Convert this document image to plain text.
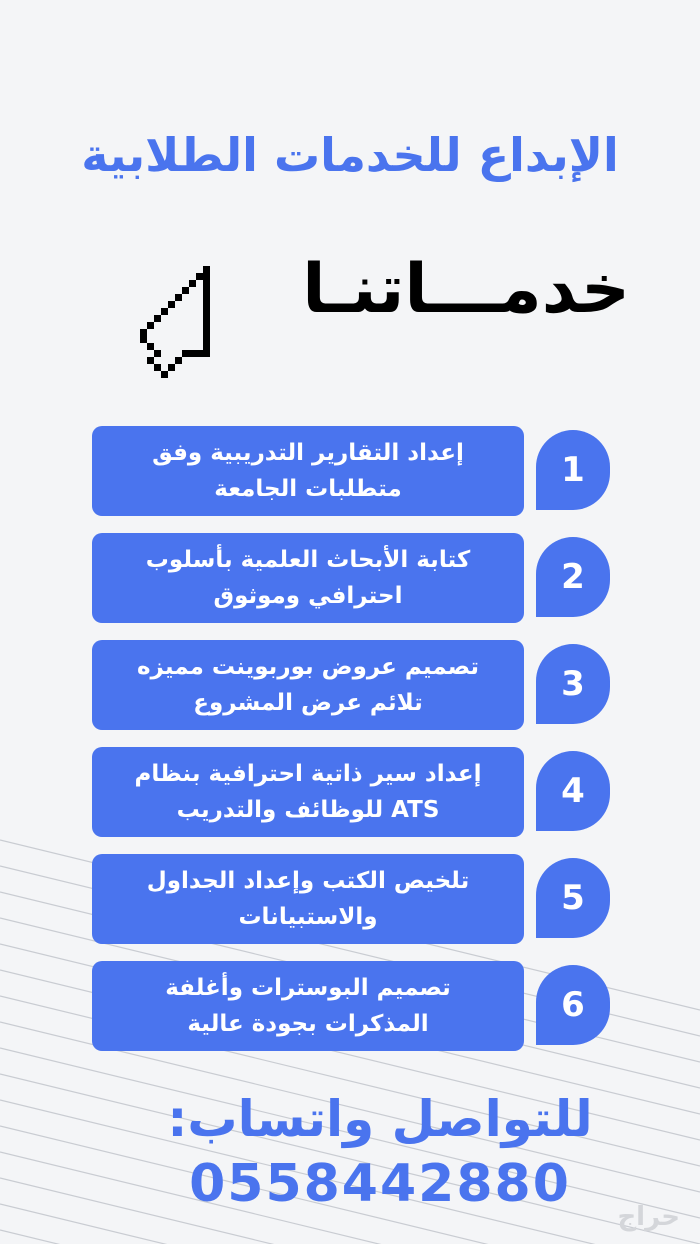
الإبداع للخدمات الطلابية
خدمـــاتنـا
إعداد التقارير التدريبية وفق متطلبات الجامعة	1
كتابة الأبحاث العلمية بأسلوب احترافي وموثوق	2
تصميم عروض بوربوينت مميزه تلائم عرض المشروع	3
إعداد سير ذاتية احترافية بنظام ATS للوظائف والتدريب	4
تلخيص الكتب وإعداد الجداول والاستبيانات	5
تصميم البوسترات وأغلفة المذكرات بجودة عالية	6
للتواصل واتساب:
0558442880
حراج
